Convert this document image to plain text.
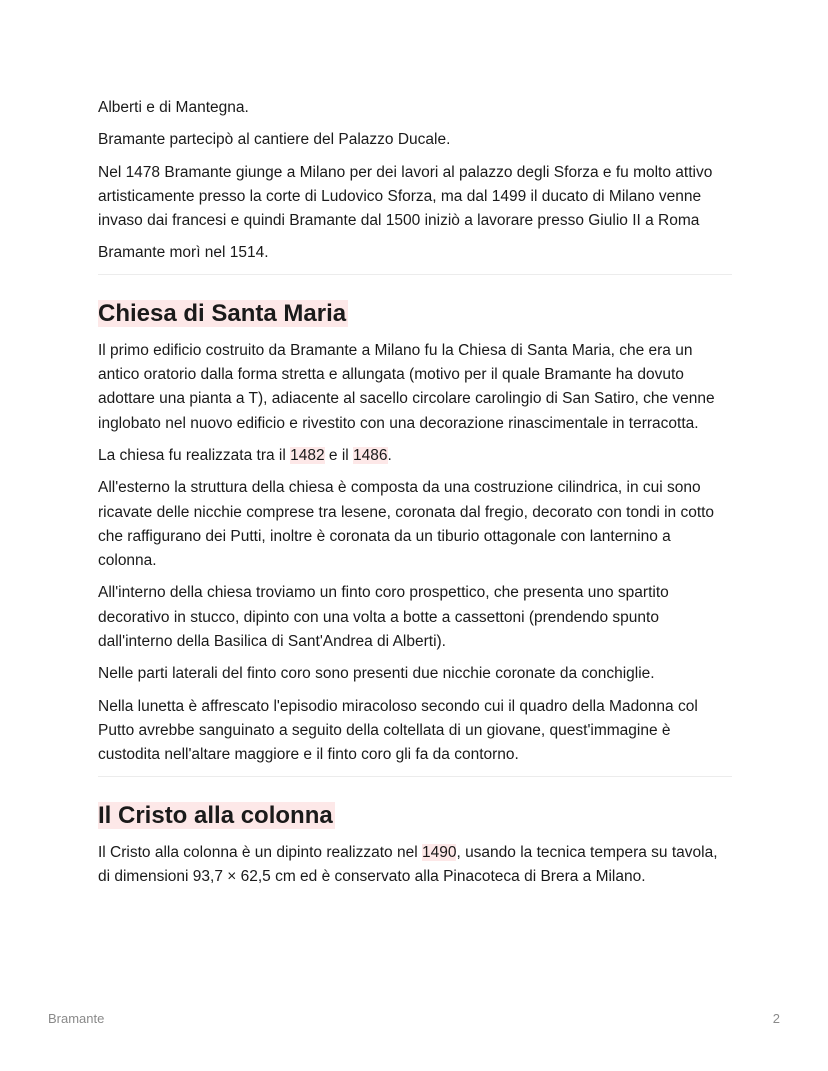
Alberti e di Mantegna.

Bramante partecipò al cantiere del Palazzo Ducale.

Nel 1478 Bramante giunge a Milano per dei lavori al palazzo degli Sforza e fu molto attivo artisticamente presso la corte di Ludovico Sforza, ma dal 1499 il ducato di Milano venne invaso dai francesi e quindi Bramante dal 1500 iniziò a lavorare presso Giulio II a Roma

Bramante morì nel 1514.

Chiesa di Santa Maria

Il primo edificio costruito da Bramante a Milano fu la Chiesa di Santa Maria, che era un antico oratorio dalla forma stretta e allungata (motivo per il quale Bramante ha dovuto adottare una pianta a T), adiacente al sacello circolare carolingio di San Satiro, che venne inglobato nel nuovo edificio e rivestito con una decorazione rinascimentale in terracotta.

La chiesa fu realizzata tra il 1482 e il 1486.

All'esterno la struttura della chiesa è composta da una costruzione cilindrica, in cui sono ricavate delle nicchie comprese tra lesene, coronata dal fregio, decorato con tondi in cotto che raffigurano dei Putti, inoltre è coronata da un tiburio ottagonale con lanternino a colonna.

All'interno della chiesa troviamo un finto coro prospettico, che presenta uno spartito decorativo in stucco, dipinto con una volta a botte a cassettoni (prendendo spunto dall'interno della Basilica di Sant'Andrea di Alberti).

Nelle parti laterali del finto coro sono presenti due nicchie coronate da conchiglie.

Nella lunetta è affrescato l'episodio miracoloso secondo cui il quadro della Madonna col Putto avrebbe sanguinato a seguito della coltellata di un giovane, quest'immagine è custodita nell'altare maggiore e il finto coro gli fa da contorno.

Il Cristo alla colonna

Il Cristo alla colonna è un dipinto realizzato nel 1490, usando la tecnica tempera su tavola, di dimensioni 93,7 × 62,5 cm ed è conservato alla Pinacoteca di Brera a Milano.

Bramante	2
